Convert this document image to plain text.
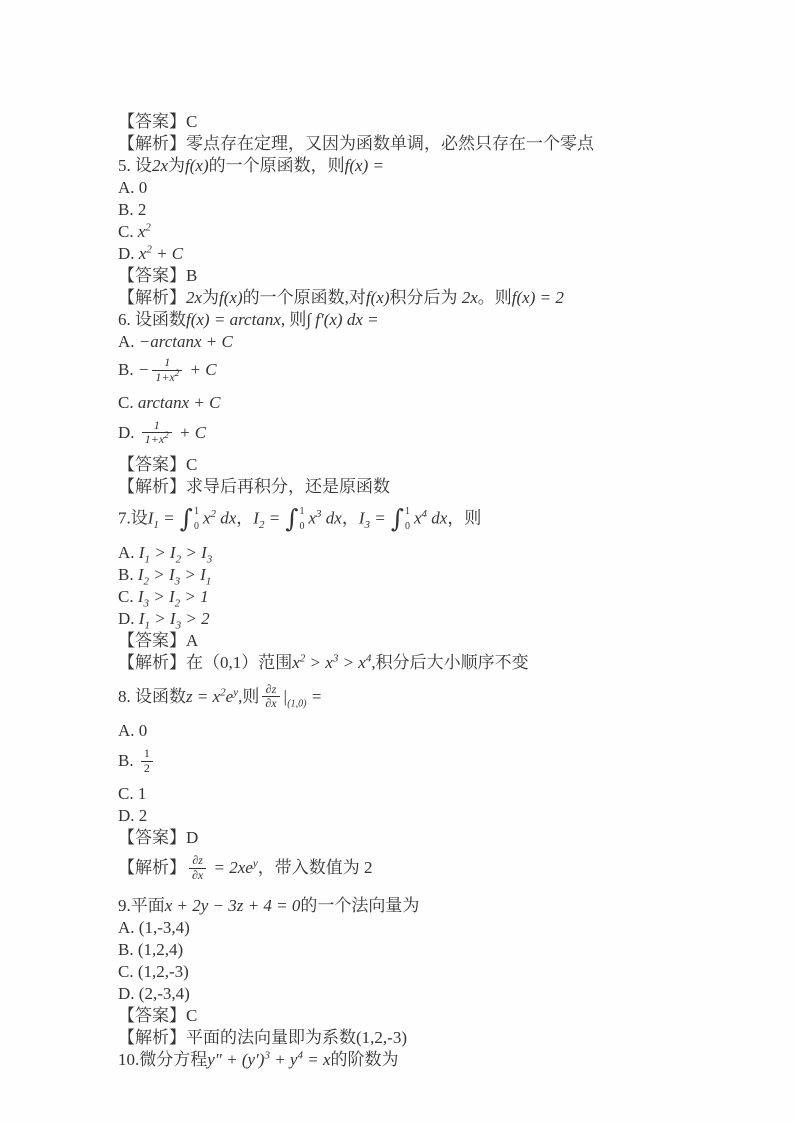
【答案】C
【解析】零点存在定理，又因为函数单调，必然只存在一个零点
5. 设2x为f(x)的一个原函数，则f(x) =
A. 0
B. 2
C. $x^2$
D. $x^2 + C$
【答案】B
【解析】2x为f(x)的一个原函数,对f(x)积分后为 2x。则f(x) = 2
6. 设函数f(x) = arctanx, 则∫ f′(x) dx =
A. −arctanx + C
B. − $\frac{1}{1+x^2} + C$
C. arctanx + C
D. $\frac{1}{1+x^2} + C$
【答案】C
【解析】求导后再积分，还是原函数
7.设$I_1$ = ∫ 1
0 $x^2$ dx，$I_2$ = ∫ 1
0 $x^3$ dx，$I_3$ = ∫ 1
0 $x^4$ dx，则
A. $I_1 > I_2 > I_3$
B. $I_2 > I_3 > I_1$
C. $I_3 > I_2 > 1$
D. $I_1 > I_3 > 2$
【答案】A
【解析】在（0,1）范围$x^2 > x^3 > x^4$,积分后大小顺序不变
8. 设函数$z = x^2e^y$,则 $\frac{\partial z}{\partial x} |_{(1,0)}$ =
A. 0
B. $\frac{1}{2}$
C. 1
D. 2
【答案】D
【解析】 $\frac{\partial z}{\partial x} = 2xe^y$，带入数值为 2
9.平面x + 2y − 3z + 4 = 0的一个法向量为
A. (1,-3,4)
B. (1,2,4)
C. (1,2,-3)
D. (2,-3,4)
【答案】C
【解析】平面的法向量即为系数(1,2,-3)
10.微分方程$y'' + (y')^3 + y^4 = x$的阶数为
